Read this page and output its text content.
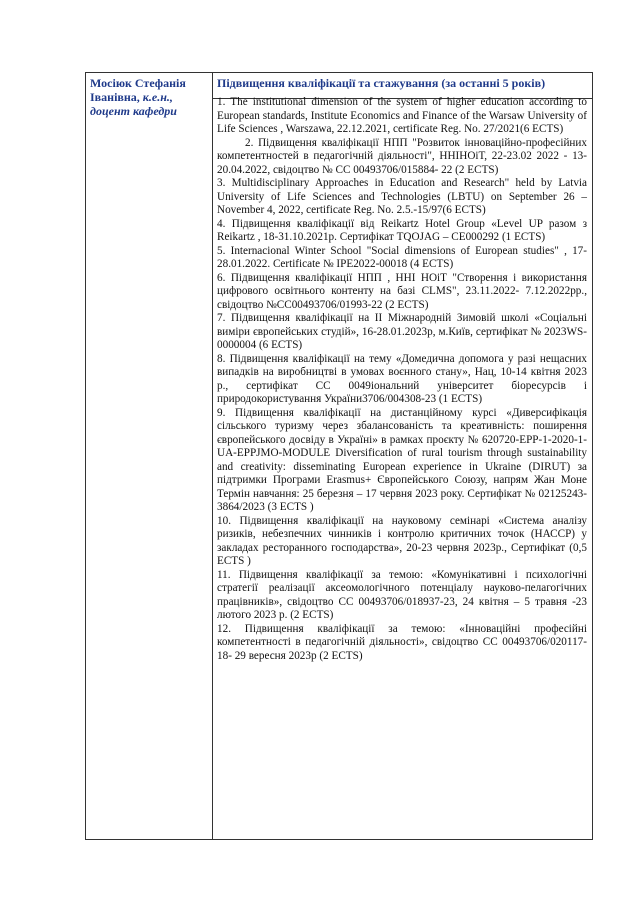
Мосіюк Стефанія Іванівна, к.е.н., доцент кафедри
Підвищення кваліфікації та стажування (за останні 5 років)

1. The institutional dimension of the system of higher education according to European standards, Institute Economics and Finance of the Warsaw University of Life Sciences , Warszawa, 22.12.2021, certificate Reg. No. 27/2021(6 ECTS)

2. Підвищення кваліфікації НПП "Розвиток інноваційно-професійних компетентностей в педагогічній діяльності", ННІНОіТ, 22-23.02 2022 - 13-20.04.2022, свідоцтво № СС 00493706/015884- 22 (2 ECTS)

3. Multidisciplinary Approaches in Education and Research" held by Latvia University of Life Sciences and Technologies (LBTU) on September 26 – November 4, 2022, certificate Reg. No. 2.5.-15/97(6 ECTS)

4. Підвищення кваліфікації від Reikartz Hotel Group «Level UP разом з Reikartz , 18-31.10.2021р. Сертифікат TQOJAG – CE000292 (1 ECTS)

5. Internacional Winter School "Social dimensions of European studies" , 17-28.01.2022. Certificate № IPE2022-00018 (4 ECTS)

6. Підвищення кваліфікації НПП , ННІ НОіТ "Створення і використання цифрового освітнього контенту на базі CLMS", 23.11.2022- 7.12.2022рр., свідоцтво №СС00493706/01993-22 (2 ECTS)

7. Підвищення кваліфікації на ІІ Міжнародній Зимовій школі «Соціальні виміри європейських студій», 16-28.01.2023р, м.Київ, сертифікат № 2023WS-0000004 (6 ECTS)

8. Підвищення кваліфікації на тему «Домедична допомога у разі нещасних випадків на виробництві в умовах воєнного стану», Нац, 10-14 квітня 2023 р., сертифікат СС 0049іональний університет біоресурсів і природокористування України3706/004308-23 (1 ECTS)

9. Підвищення кваліфікації на дистанційному курсі «Диверсифікація сільського туризму через збалансованість та креативність: поширення європейського досвіду в Україні» в рамках проєкту № 620720-EPP-1-2020-1-UA-EPPJMO-MODULE Diversification of rural tourism through sustainability and creativity: disseminating European experience in Ukraine (DIRUT) за підтримки Програми Erasmus+ Європейського Союзу, напрям Жан Моне Термін навчання: 25 березня – 17 червня 2023 року. Сертифікат № 02125243-3864/2023 (3 ECTS )

10. Підвищення кваліфікації на науковому семінарі «Система аналізу ризиків, небезпечних чинників і контролю критичних точок (НАССР) у закладах ресторанного господарства», 20-23 червня 2023р., Сертифікат (0,5 ECTS )

11. Підвищення кваліфікації за темою: «Комунікативні і психологічні стратегії реалізації аксеомологічного потенціалу науково-пелагогічних працівників», свідоцтво СС 00493706/018937-23, 24 квітня – 5 травня -23 лютого 2023 р. (2 ECTS)

12. Підвищення кваліфікації за темою: «Інноваційні професійні компетентності в педагогічній діяльності», свідоцтво СС 00493706/020117-18- 29 вересня 2023р (2 ECTS)
